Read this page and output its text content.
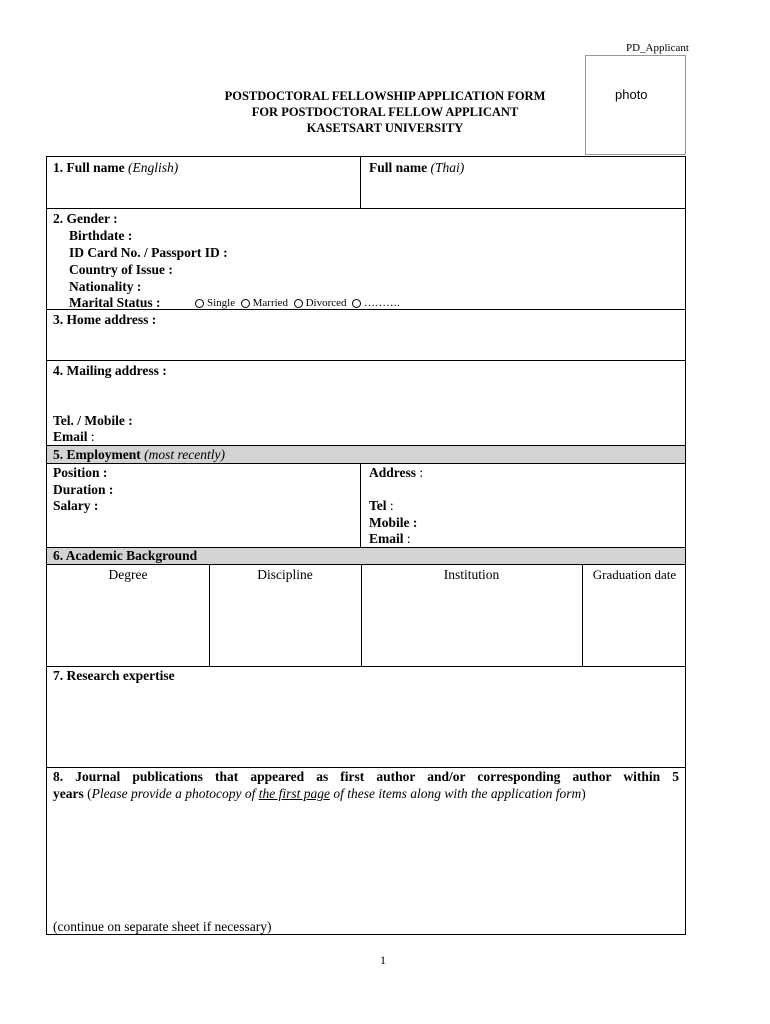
PD_Applicant
photo
POSTDOCTORAL FELLOWSHIP APPLICATION FORM
FOR POSTDOCTORAL FELLOW APPLICANT
KASETSART UNIVERSITY
1. Full name (English)	Full name (Thai)
2. Gender :
Birthdate :
ID Card No. / Passport ID :
Country of Issue :
Nationality :
Marital Status :	Single Married Divorced ……….
3. Home address :
4. Mailing address :
Tel. / Mobile :
Email :
5. Employment (most recently)
Position :
Duration :
Salary :
Address :
Tel :
Mobile :
Email :
6. Academic Background
Degree	Discipline	Institution	Graduation date
7. Research expertise
8. Journal publications that appeared as first author and/or corresponding author within 5
years (Please provide a photocopy of the first page of these items along with the application form)
(continue on separate sheet if necessary)
1
